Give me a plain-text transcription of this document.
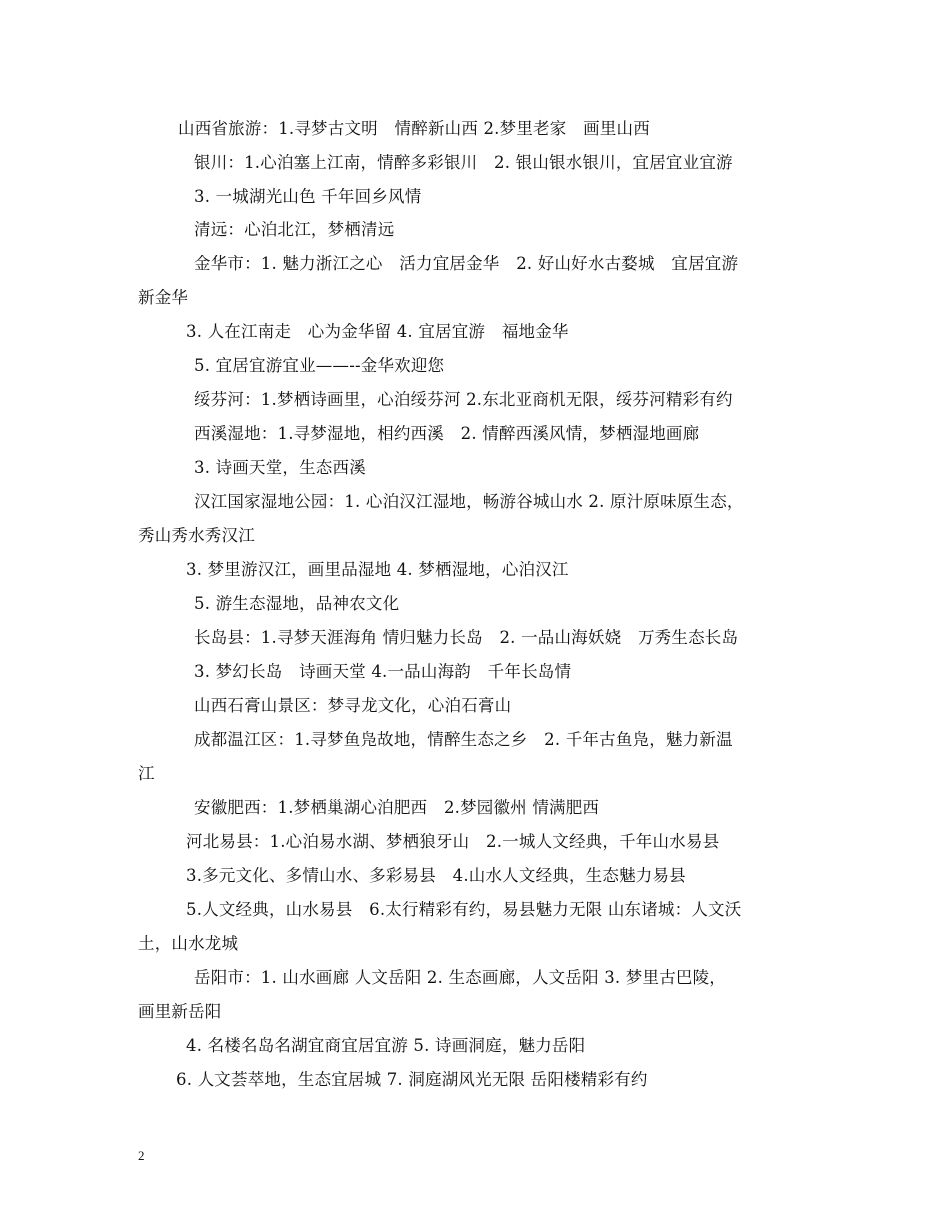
山西省旅游：1.寻梦古文明　情醉新山西 2.梦里老家　画里山西
银川：1.心泊塞上江南，情醉多彩银川　2. 银山银水银川，宜居宜业宜游
3. 一城湖光山色 千年回乡风情
清远：心泊北江，梦栖清远
金华市：1. 魅力浙江之心　活力宜居金华　2. 好山好水古婺城　宜居宜游
新金华
3. 人在江南走　心为金华留 4. 宜居宜游　福地金华
5. 宜居宜游宜业——--金华欢迎您
绥芬河：1.梦栖诗画里，心泊绥芬河 2.东北亚商机无限，绥芬河精彩有约
西溪湿地：1.寻梦湿地，相约西溪　2. 情醉西溪风情，梦栖湿地画廊
3. 诗画天堂，生态西溪
汉江国家湿地公园：1. 心泊汉江湿地，畅游谷城山水 2. 原汁原味原生态，
秀山秀水秀汉江
3. 梦里游汉江，画里品湿地 4. 梦栖湿地，心泊汉江
5. 游生态湿地，品神农文化
长岛县：1.寻梦天涯海角 情归魅力长岛　2. 一品山海妖娆　万秀生态长岛
3. 梦幻长岛　诗画天堂 4.一品山海韵　千年长岛情
山西石膏山景区：梦寻龙文化，心泊石膏山
成都温江区：1.寻梦鱼凫故地，情醉生态之乡　2. 千年古鱼凫，魅力新温
江
安徽肥西：1.梦栖巢湖心泊肥西　2.梦园徽州 情满肥西
河北易县：1.心泊易水湖、梦栖狼牙山　2.一城人文经典，千年山水易县
3.多元文化、多情山水、多彩易县　4.山水人文经典，生态魅力易县
5.人文经典，山水易县　6.太行精彩有约，易县魅力无限 山东诸城：人文沃
土，山水龙城
岳阳市：1. 山水画廊 人文岳阳 2. 生态画廊，人文岳阳 3. 梦里古巴陵，
画里新岳阳
4. 名楼名岛名湖宜商宜居宜游 5. 诗画洞庭，魅力岳阳
6. 人文荟萃地，生态宜居城 7. 洞庭湖风光无限 岳阳楼精彩有约
2
